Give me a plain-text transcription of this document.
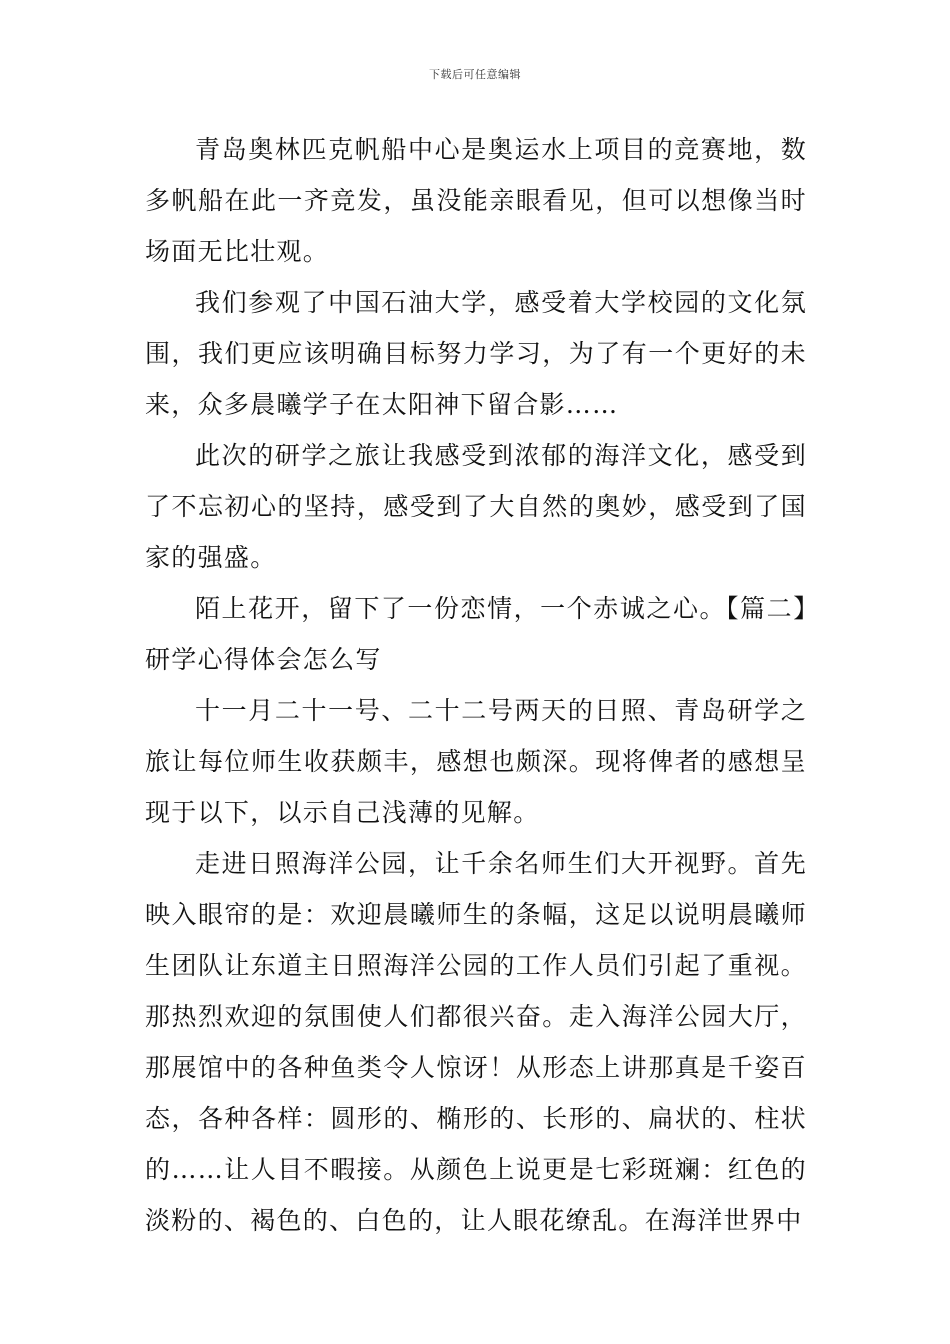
下载后可任意编辑

青岛奥林匹克帆船中心是奥运水上项目的竞赛地，数多帆船在此一齐竞发，虽没能亲眼看见，但可以想像当时场面无比壮观。

我们参观了中国石油大学，感受着大学校园的文化氛围，我们更应该明确目标努力学习，为了有一个更好的未来，众多晨曦学子在太阳神下留合影……

此次的研学之旅让我感受到浓郁的海洋文化，感受到了不忘初心的坚持，感受到了大自然的奥妙，感受到了国家的强盛。

陌上花开，留下了一份恋情，一个赤诚之心。【篇二】研学心得体会怎么写

十一月二十一号、二十二号两天的日照、青岛研学之旅让每位师生收获颇丰，感想也颇深。现将俾者的感想呈现于以下，以示自己浅薄的见解。

走进日照海洋公园，让千余名师生们大开视野。首先映入眼帘的是：欢迎晨曦师生的条幅，这足以说明晨曦师生团队让东道主日照海洋公园的工作人员们引起了重视。那热烈欢迎的氛围使人们都很兴奋。走入海洋公园大厅，那展馆中的各种鱼类令人惊讶！从形态上讲那真是千姿百态，各种各样：圆形的、椭形的、长形的、扁状的、柱状的……让人目不暇接。从颜色上说更是七彩斑斓：红色的淡粉的、褐色的、白色的，让人眼花缭乱。在海洋世界中
